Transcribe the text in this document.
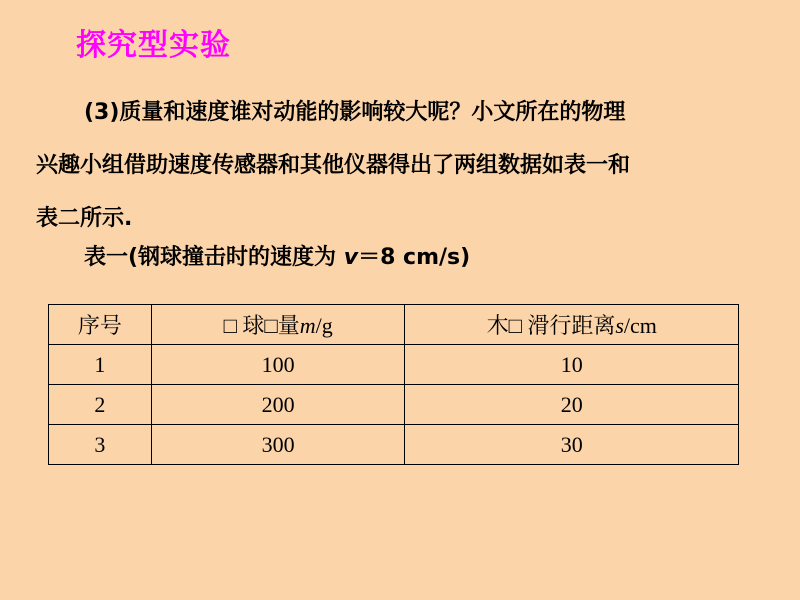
探究型实验
(3)质量和速度谁对动能的影响较大呢？小文所在的物理
兴趣小组借助速度传感器和其他仪器得出了两组数据如表一和
表二所示.
表一(钢球撞击时的速度为 v＝8 cm/s)
序号	□ 球□量m/g	木□ 滑行距离s/cm
1	100	10
2	200	20
3	300	30
